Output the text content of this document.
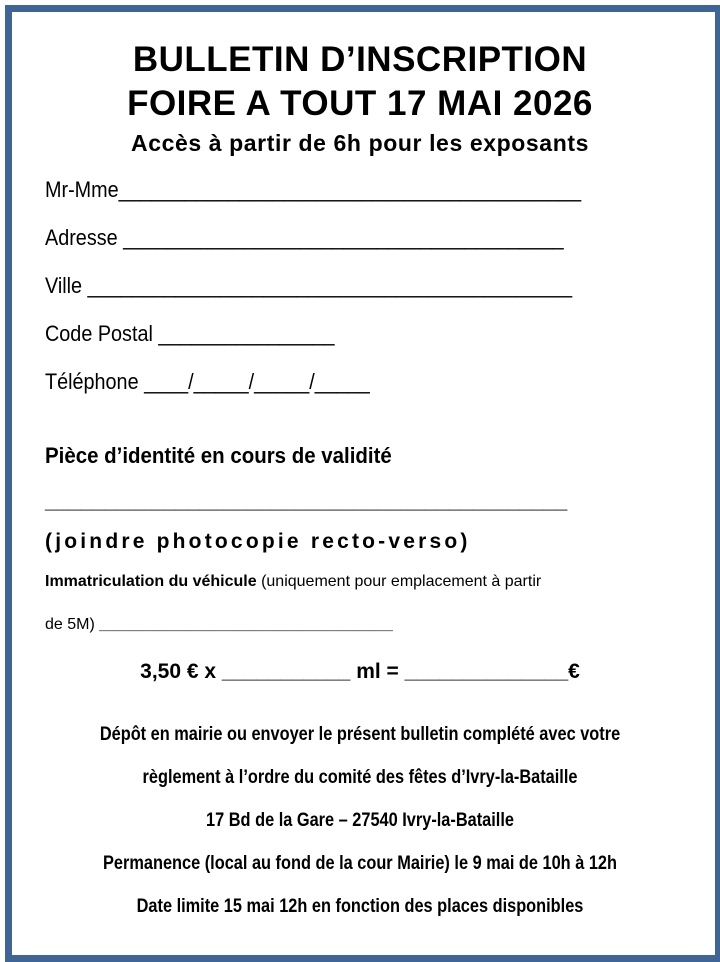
BULLETIN D’INSCRIPTION
FOIRE A TOUT 17 MAI 2026
Accès à partir de 6h pour les exposants
Mr-Mme__________________________________________
Adresse ________________________________________
Ville ____________________________________________
Code Postal ________________
Téléphone ____/_____/_____/_____
Pièce d’identité en cours de validité
____________________________________________
(joindre photocopie recto-verso)
Immatriculation du véhicule (uniquement pour emplacement à partir
de 5M) _________________________________
3,50 € x ___________ ml = ______________€
Dépôt en mairie ou envoyer le présent bulletin complété avec votre
règlement à l’ordre du comité des fêtes d’Ivry-la-Bataille
17 Bd de la Gare – 27540 Ivry-la-Bataille
Permanence (local au fond de la cour Mairie) le 9 mai de 10h à 12h
Date limite 15 mai 12h en fonction des places disponibles
